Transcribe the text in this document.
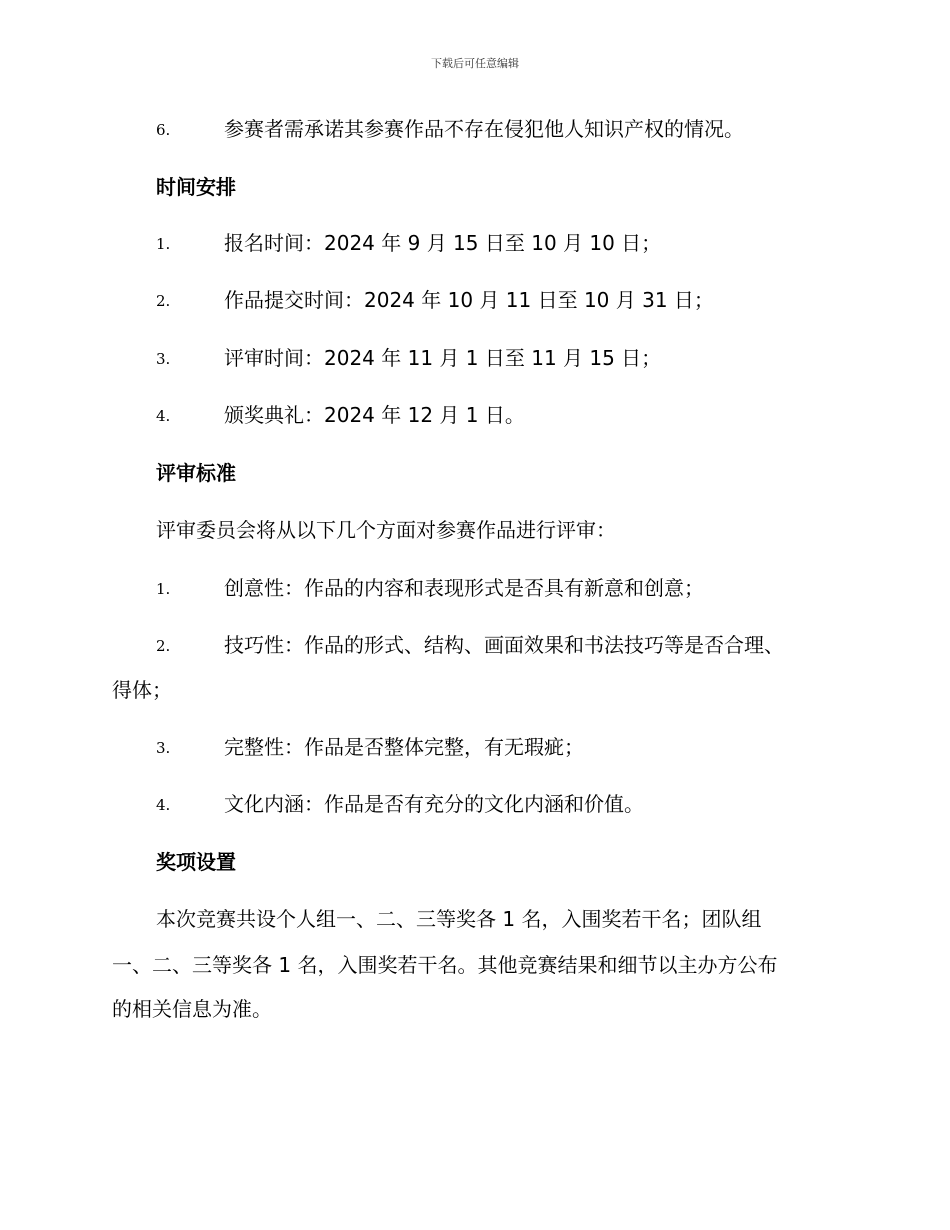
下载后可任意编辑
6.	参赛者需承诺其参赛作品不存在侵犯他人知识产权的情况。
时间安排
1.	报名时间：2024 年 9 月 15 日至 10 月 10 日；
2.	作品提交时间：2024 年 10 月 11 日至 10 月 31 日；
3.	评审时间：2024 年 11 月 1 日至 11 月 15 日；
4.	颁奖典礼：2024 年 12 月 1 日。
评审标准
评审委员会将从以下几个方面对参赛作品进行评审：
1.	创意性：作品的内容和表现形式是否具有新意和创意；
2.	技巧性：作品的形式、结构、画面效果和书法技巧等是否合理、
得体；
3.	完整性：作品是否整体完整，有无瑕疵；
4.	文化内涵：作品是否有充分的文化内涵和价值。
奖项设置
本次竞赛共设个人组一、二、三等奖各 1 名，入围奖若干名；团队组
一、二、三等奖各 1 名，入围奖若干名。其他竞赛结果和细节以主办方公布
的相关信息为准。
